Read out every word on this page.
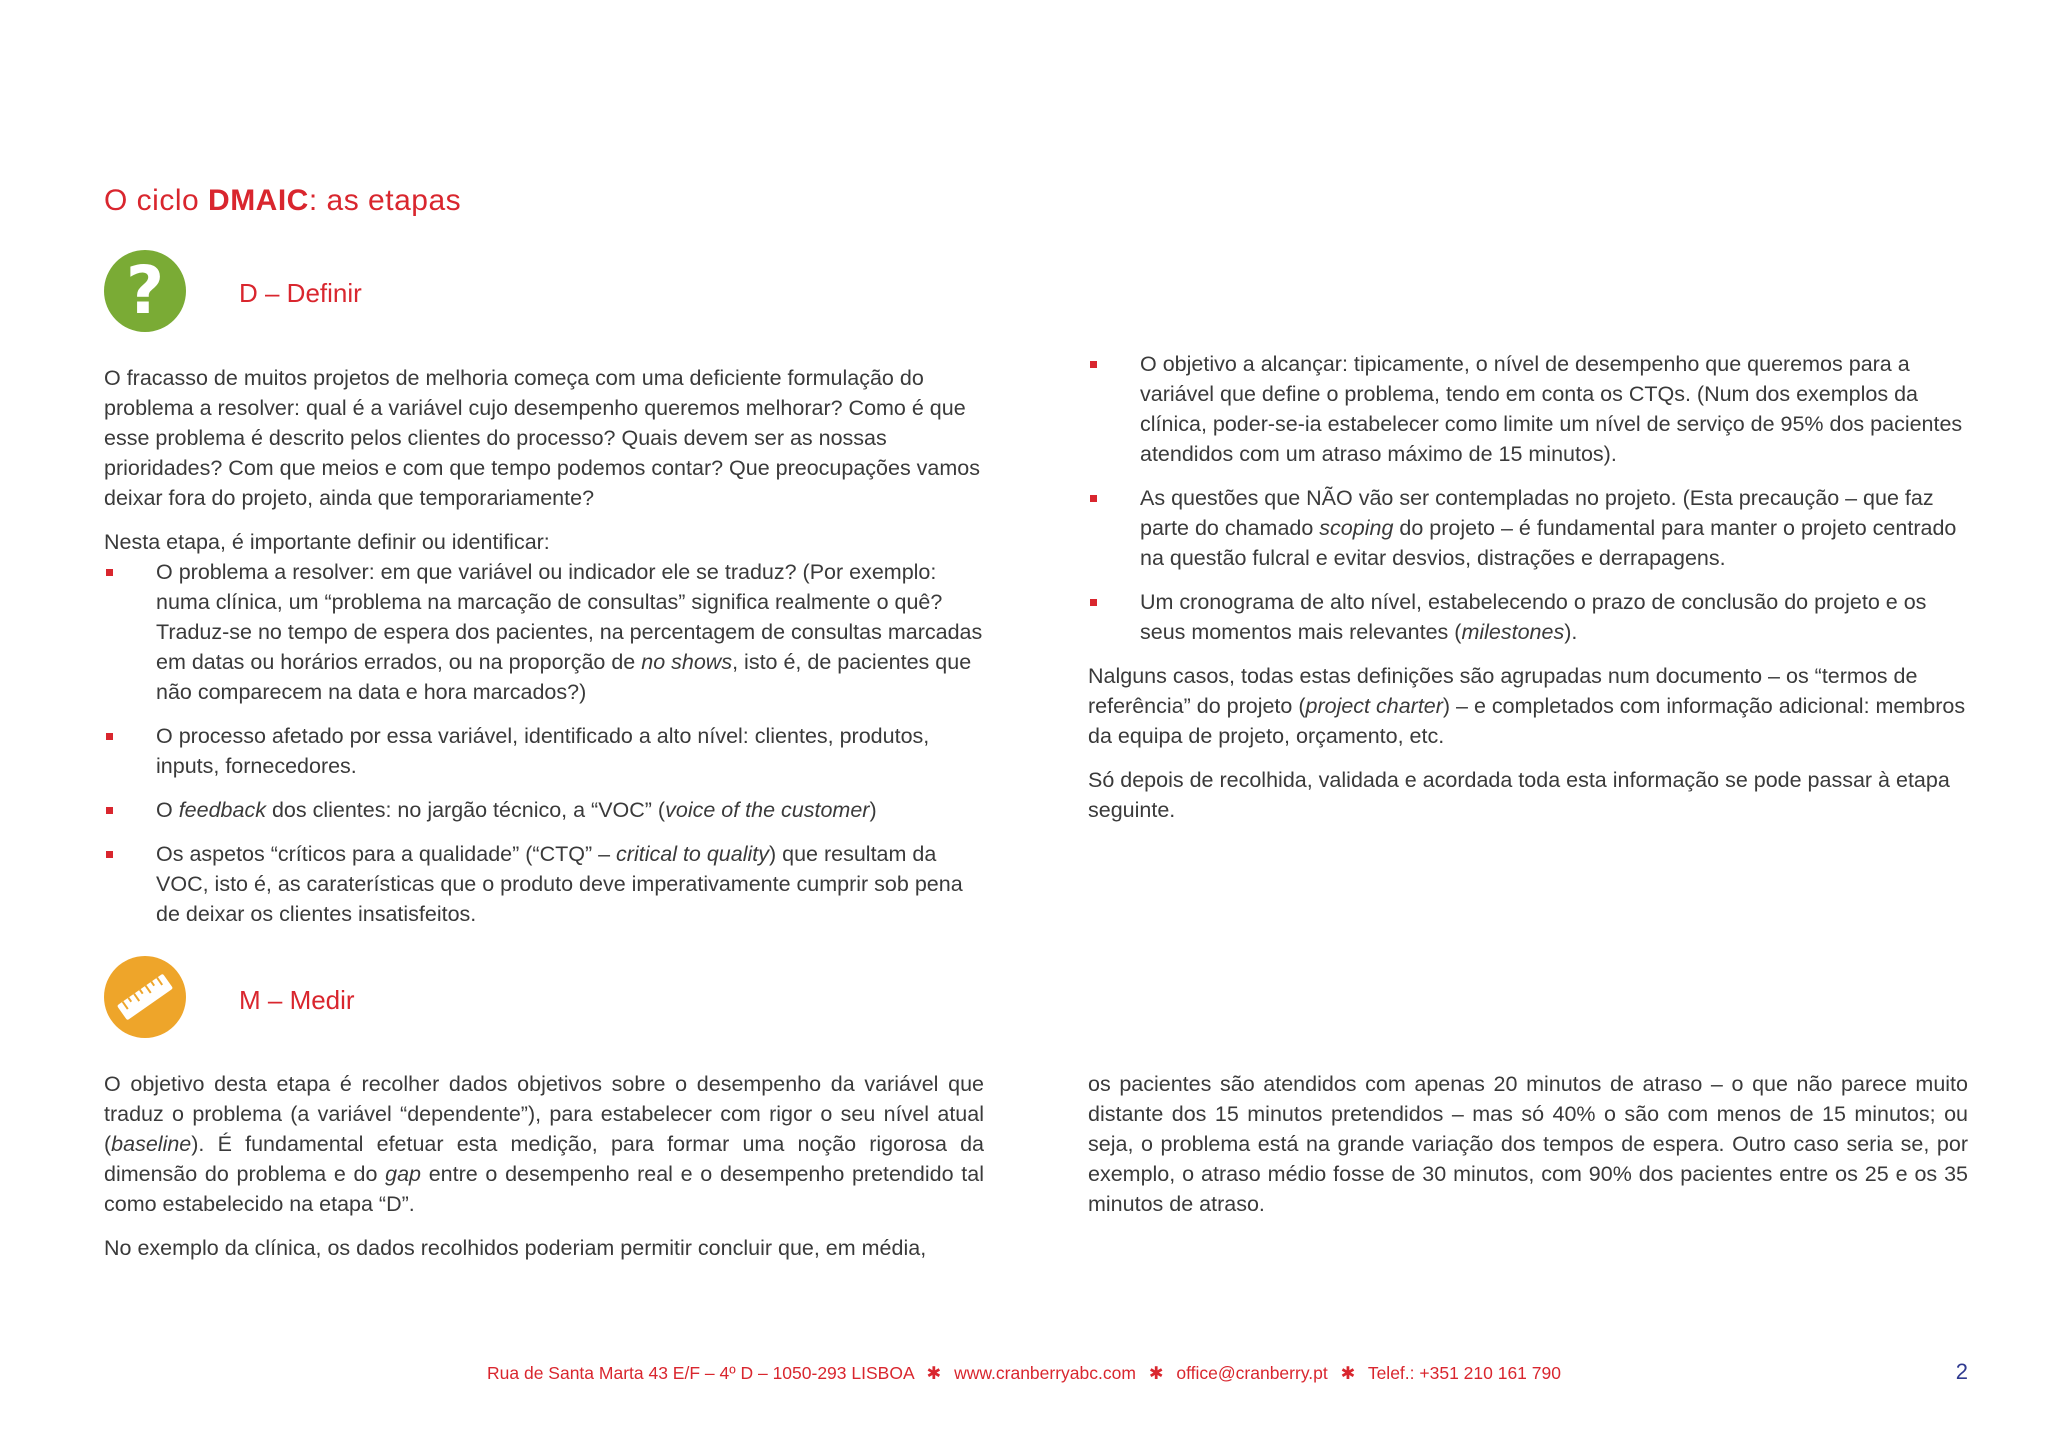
O ciclo DMAIC: as etapas
?	D – Definir

O fracasso de muitos projetos de melhoria começa com uma deficiente formulação do problema a resolver: qual é a variável cujo desempenho queremos melhorar? Como é que esse problema é descrito pelos clientes do processo? Quais devem ser as nossas prioridades? Com que meios e com que tempo podemos contar? Que preocupações vamos deixar fora do projeto, ainda que temporariamente?

Nesta etapa, é importante definir ou identificar:

O problema a resolver: em que variável ou indicador ele se traduz? (Por exemplo: numa clínica, um “problema na marcação de consultas” significa realmente o quê? Traduz-se no tempo de espera dos pacientes, na percentagem de consultas marcadas em datas ou horários errados, ou na proporção de no shows, isto é, de pacientes que não comparecem na data e hora marcados?)
O processo afetado por essa variável, identificado a alto nível: clientes, produtos, inputs, fornecedores.
O feedback dos clientes: no jargão técnico, a “VOC” (voice of the customer)
Os aspetos “críticos para a qualidade” (“CTQ” – critical to quality) que resultam da VOC, isto é, as caraterísticas que o produto deve imperativamente cumprir sob pena de deixar os clientes insatisfeitos.
O objetivo a alcançar: tipicamente, o nível de desempenho que queremos para a variável que define o problema, tendo em conta os CTQs. (Num dos exemplos da clínica, poder-se-ia estabelecer como limite um nível de serviço de 95% dos pacientes atendidos com um atraso máximo de 15 minutos).
As questões que NÃO vão ser contempladas no projeto. (Esta precaução – que faz parte do chamado scoping do projeto – é fundamental para manter o projeto centrado na questão fulcral e evitar desvios, distrações e derrapagens.
Um cronograma de alto nível, estabelecendo o prazo de conclusão do projeto e os seus momentos mais relevantes (milestones).

Nalguns casos, todas estas definições são agrupadas num documento – os “termos de referência” do projeto (project charter) – e completados com informação adicional: membros da equipa de projeto, orçamento, etc.

Só depois de recolhida, validada e acordada toda esta informação se pode passar à etapa seguinte.

M – Medir

O objetivo desta etapa é recolher dados objetivos sobre o desempenho da variável que traduz o problema (a variável “dependente”), para estabelecer com rigor o seu nível atual (baseline). É fundamental efetuar esta medição, para formar uma noção rigorosa da dimensão do problema e do gap entre o desempenho real e o desempenho pretendido tal como estabelecido na etapa “D”.

No exemplo da clínica, os dados recolhidos poderiam permitir concluir que, em média,

os pacientes são atendidos com apenas 20 minutos de atraso – o que não parece muito distante dos 15 minutos pretendidos – mas só 40% o são com menos de 15 minutos; ou seja, o problema está na grande variação dos tempos de espera. Outro caso seria se, por exemplo, o atraso médio fosse de 30 minutos, com 90% dos pacientes entre os 25 e os 35 minutos de atraso.

Rua de Santa Marta 43 E/F – 4º D – 1050-293 LISBOA ✱ www.cranberryabc.com ✱ office@cranberry.pt ✱ Telef.: +351 210 161 790	2
